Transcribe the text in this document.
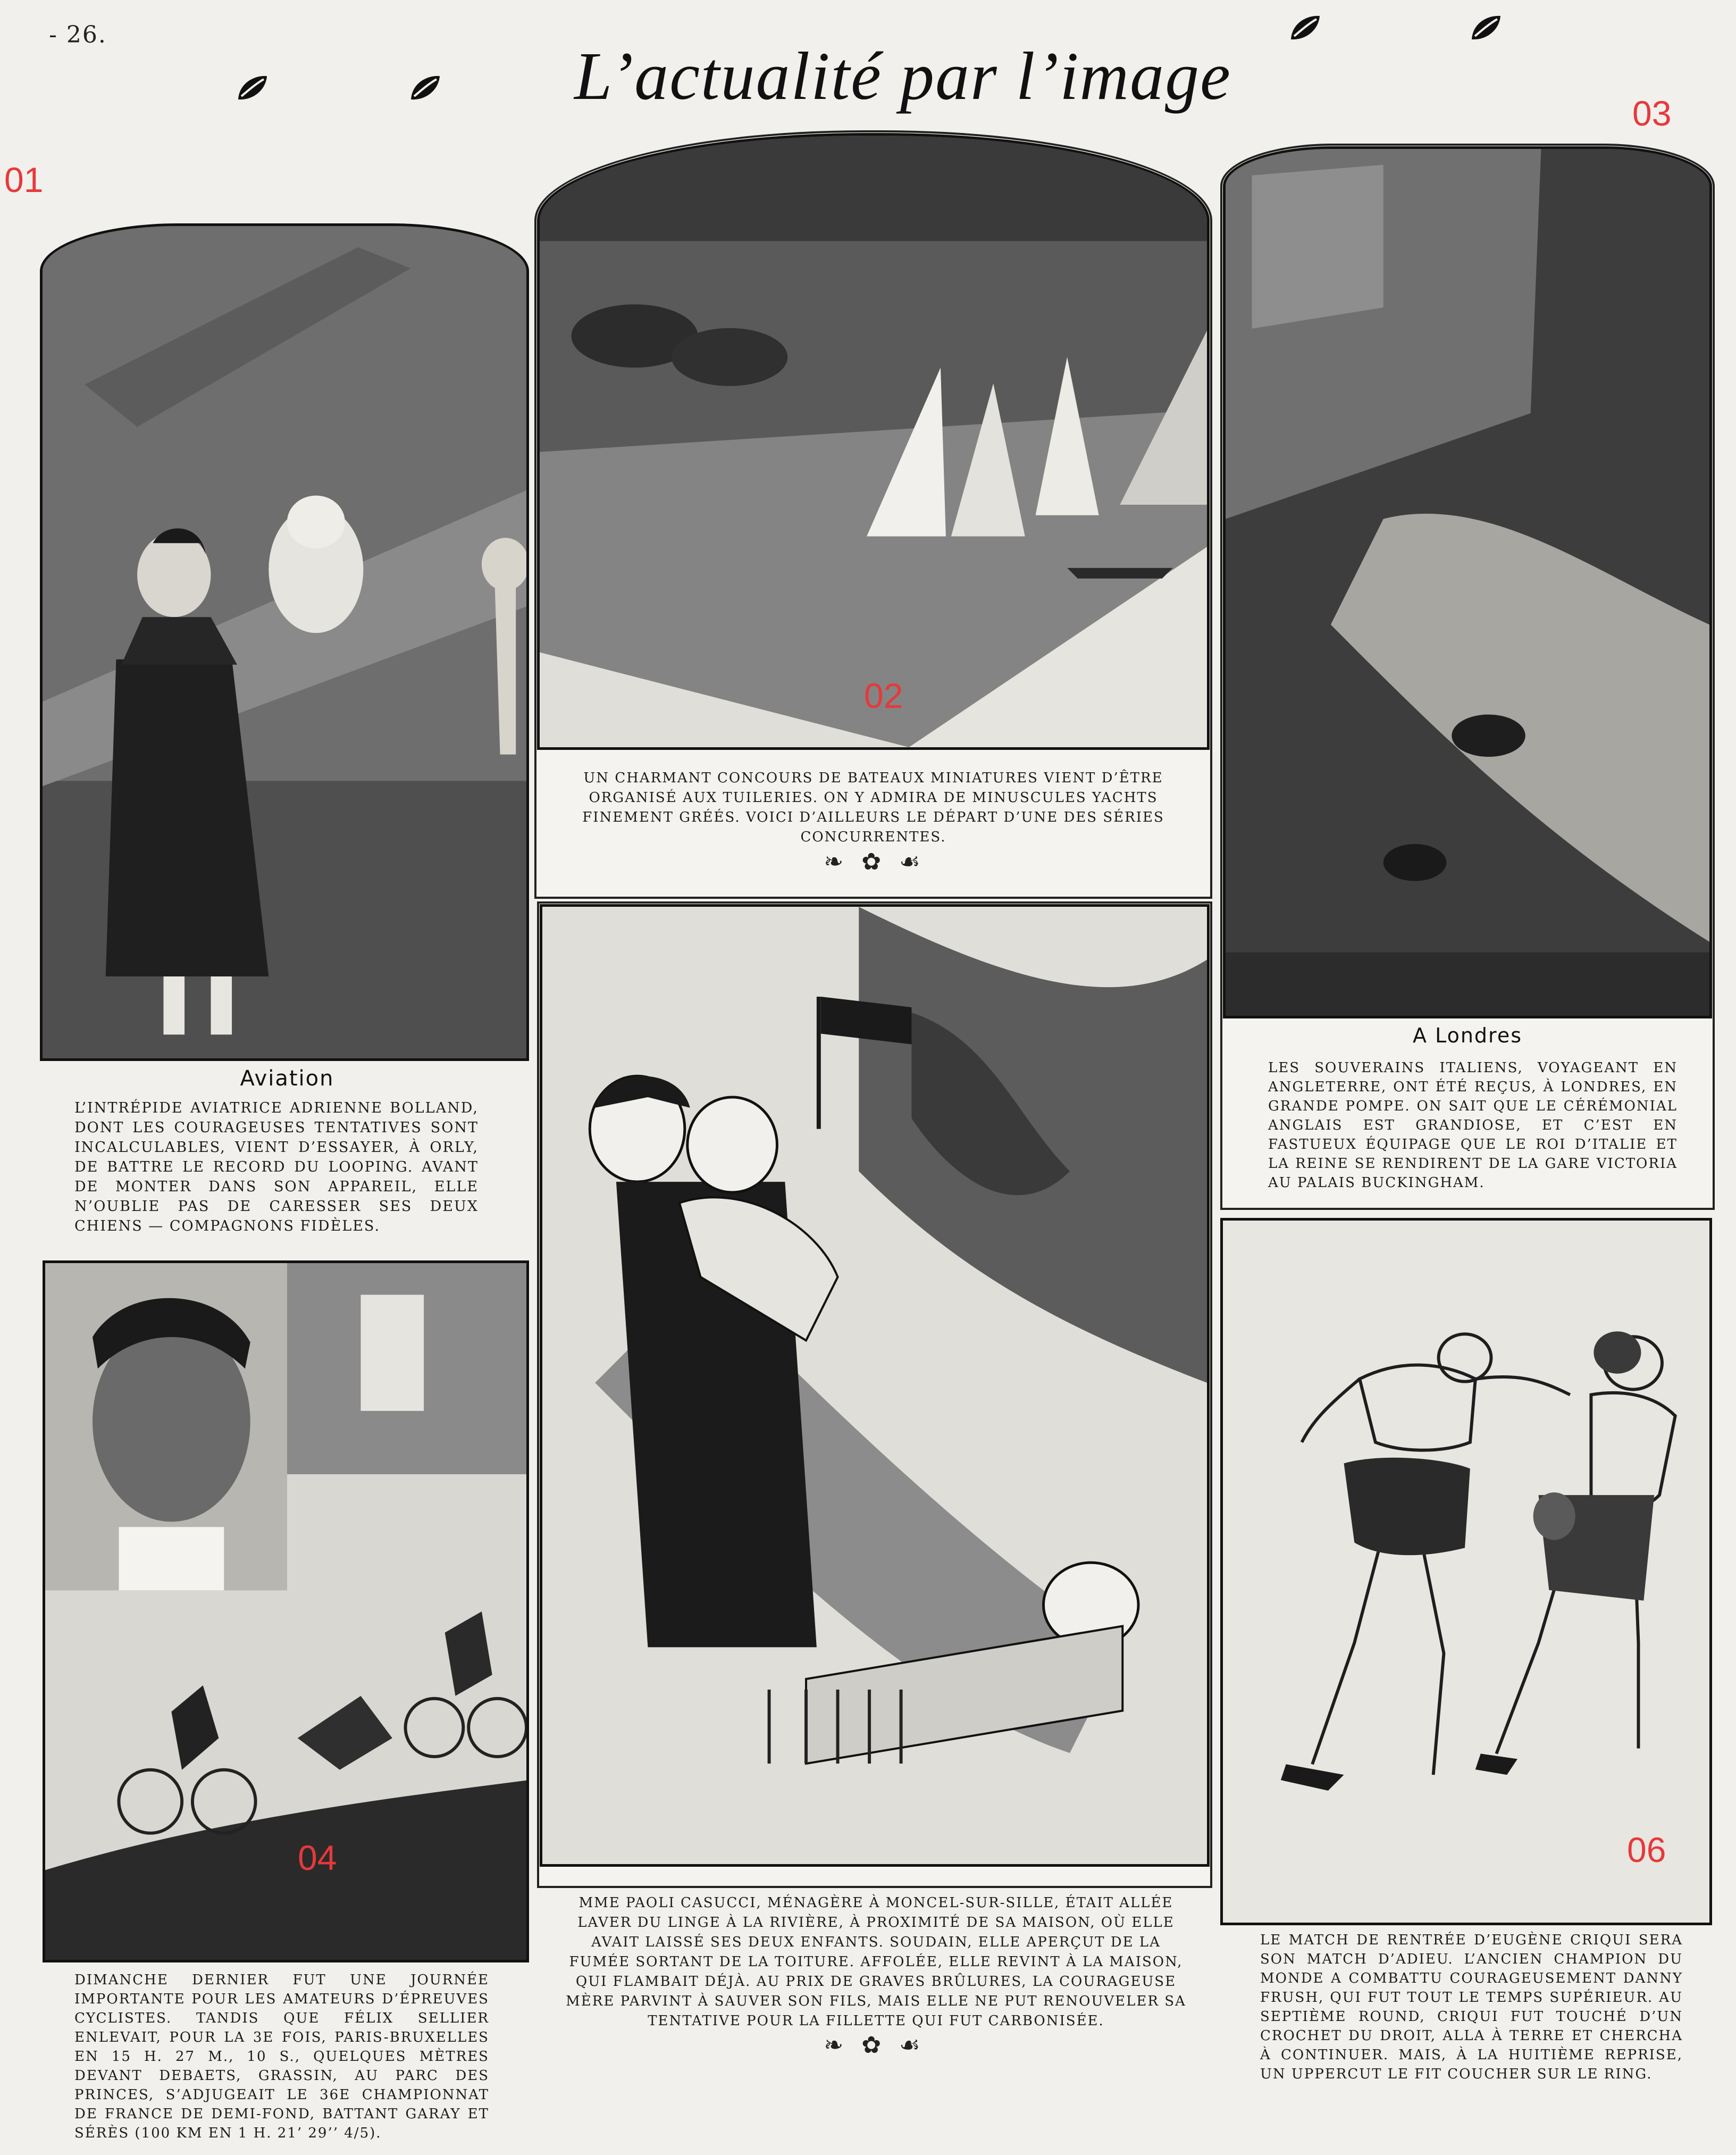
- 26.
L’actualité par l’image
01
Aviation
L’INTRÉPIDE AVIATRICE ADRIENNE BOLLAND, DONT LES COURAGEUSES TENTATIVES SONT INCALCULABLES, VIENT D’ESSAYER, À ORLY, DE BATTRE LE RECORD DU LOOPING. AVANT DE MONTER DANS SON APPAREIL, ELLE N’OUBLIE PAS DE CARESSER SES DEUX CHIENS — COMPAGNONS FIDÈLES.
02
UN CHARMANT CONCOURS DE BATEAUX MINIATURES VIENT D’ÊTRE ORGANISÉ AUX TUILERIES. ON Y ADMIRA DE MINUSCULES YACHTS FINEMENT GRÉÉS. VOICI D’AILLEURS LE DÉPART D’UNE DES SÉRIES CONCURRENTES.
❧ ✿ ☙
03
A Londres
LES SOUVERAINS ITALIENS, VOYAGEANT EN ANGLETERRE, ONT ÉTÉ REÇUS, À LONDRES, EN GRANDE POMPE. ON SAIT QUE LE CÉRÉMONIAL ANGLAIS EST GRANDIOSE, ET C’EST EN FASTUEUX ÉQUIPAGE QUE LE ROI D’ITALIE ET LA REINE SE RENDIRENT DE LA GARE VICTORIA AU PALAIS BUCKINGHAM.
04
DIMANCHE DERNIER FUT UNE JOURNÉE IMPORTANTE POUR LES AMATEURS D’ÉPREUVES CYCLISTES. TANDIS QUE FÉLIX SELLIER ENLEVAIT, POUR LA 3E FOIS, PARIS-BRUXELLES EN 15 H. 27 M., 10 S., QUELQUES MÈTRES DEVANT DEBAETS, GRASSIN, AU PARC DES PRINCES, S’ADJUGEAIT LE 36E CHAMPIONNAT DE FRANCE DE DEMI-FOND, BATTANT GARAY ET SÉRÈS (100 KM EN 1 H. 21’ 29’’ 4/5).
MME PAOLI CASUCCI, MÉNAGÈRE À MONCEL-SUR-SILLE, ÉTAIT ALLÉE LAVER DU LINGE À LA RIVIÈRE, À PROXIMITÉ DE SA MAISON, OÙ ELLE AVAIT LAISSÉ SES DEUX ENFANTS. SOUDAIN, ELLE APERÇUT DE LA FUMÉE SORTANT DE LA TOITURE. AFFOLÉE, ELLE REVINT À LA MAISON, QUI FLAMBAIT DÉJÀ. AU PRIX DE GRAVES BRÛLURES, LA COURAGEUSE MÈRE PARVINT À SAUVER SON FILS, MAIS ELLE NE PUT RENOUVELER SA TENTATIVE POUR LA FILLETTE QUI FUT CARBONISÉE.
❧ ✿ ☙
06
LE MATCH DE RENTRÉE D’EUGÈNE CRIQUI SERA SON MATCH D’ADIEU. L’ANCIEN CHAMPION DU MONDE A COMBATTU COURAGEUSEMENT DANNY FRUSH, QUI FUT TOUT LE TEMPS SUPÉRIEUR. AU SEPTIÈME ROUND, CRIQUI FUT TOUCHÉ D’UN CROCHET DU DROIT, ALLA À TERRE ET CHERCHA À CONTINUER. MAIS, À LA HUITIÈME REPRISE, UN UPPERCUT LE FIT COUCHER SUR LE RING.
